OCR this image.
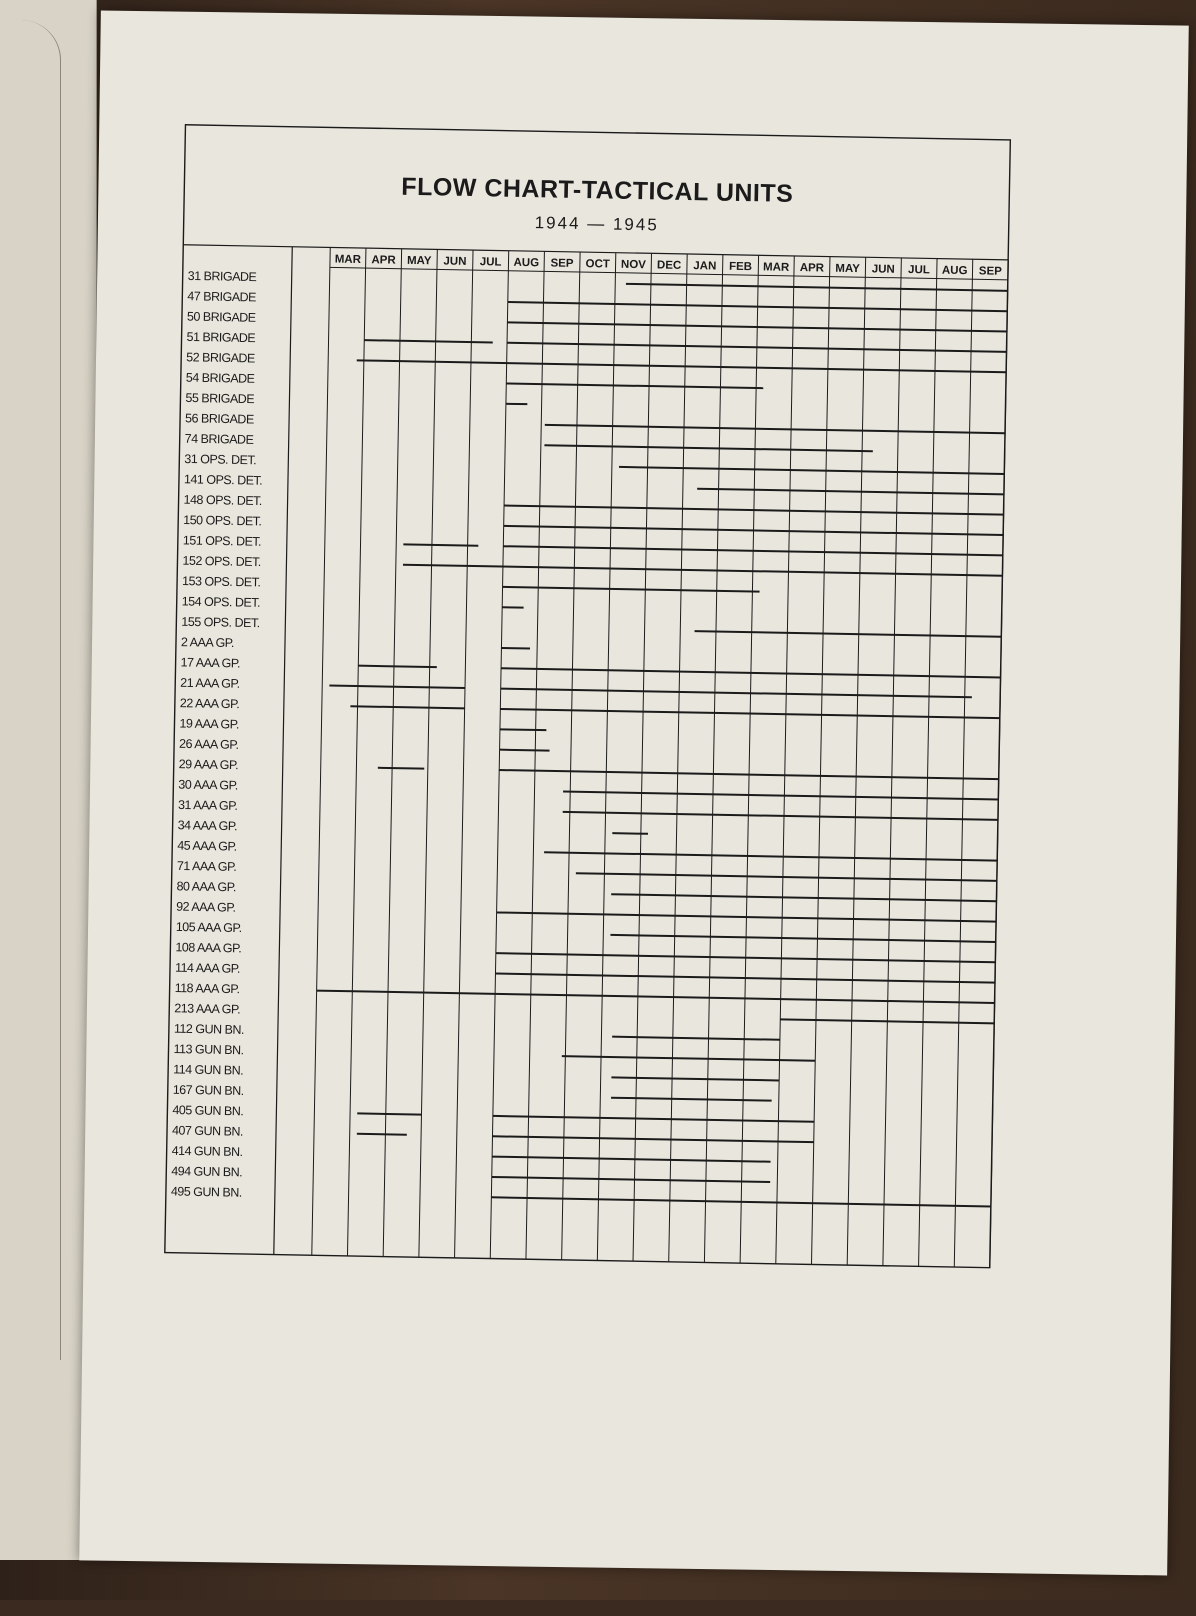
FLOW CHART-TACTICAL UNITS
1944 — 1945
MAR APR MAY JUN JUL AUG SEP OCT NOV DEC JAN FEB MAR APR MAY JUN JUL AUG SEP
31 BRIGADE
47 BRIGADE
50 BRIGADE
51 BRIGADE
52 BRIGADE
54 BRIGADE
55 BRIGADE
56 BRIGADE
74 BRIGADE
31 OPS. DET.
141 OPS. DET.
148 OPS. DET.
150 OPS. DET.
151 OPS. DET.
152 OPS. DET.
153 OPS. DET.
154 OPS. DET.
155 OPS. DET.
2 AAA GP.
17 AAA GP.
21 AAA GP.
22 AAA GP.
19 AAA GP.
26 AAA GP.
29 AAA GP.
30 AAA GP.
31 AAA GP.
34 AAA GP.
45 AAA GP.
71 AAA GP.
80 AAA GP.
92 AAA GP.
105 AAA GP.
108 AAA GP.
114 AAA GP.
118 AAA GP.
213 AAA GP.
112 GUN BN.
113 GUN BN.
114 GUN BN.
167 GUN BN.
405 GUN BN.
407 GUN BN.
414 GUN BN.
494 GUN BN.
495 GUN BN.
